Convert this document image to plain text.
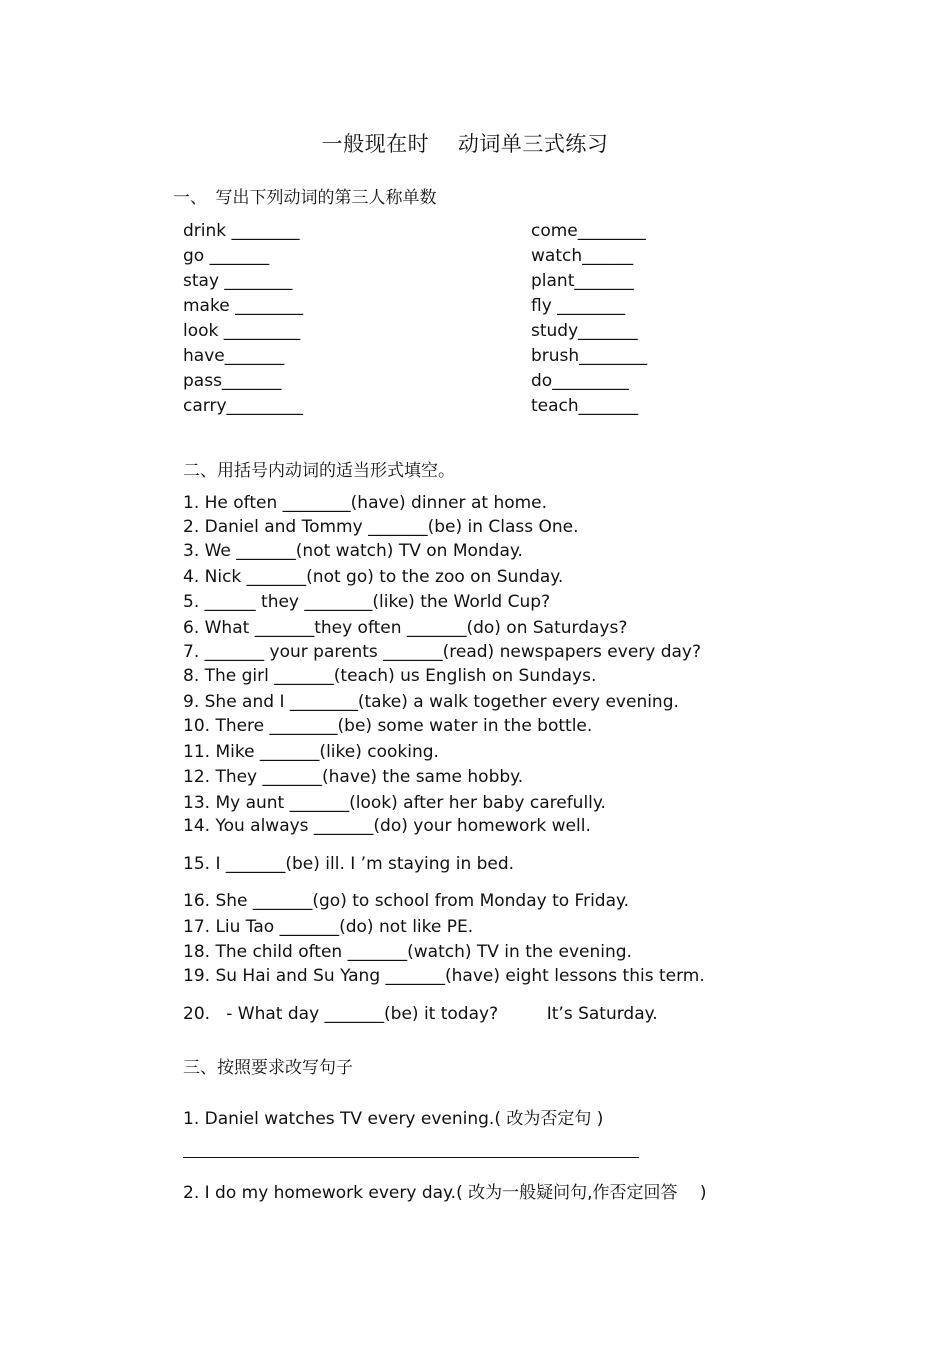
一般现在时　 动词单三式练习
一、　写出下列动词的第三人称单数
drink ________
go _______
stay ________
make ________
look _________
have_______
pass_______
carry_________
come________
watch______
plant_______
fly ________
study_______
brush________
do_________
teach_______
二、用括号内动词的适当形式填空。
1. He often ________(have) dinner at home.
2. Daniel and Tommy _______(be) in Class One.
3. We _______(not watch) TV on Monday.
4. Nick _______(not go) to the zoo on Sunday.
5. ______ they ________(like) the World Cup?
6. What _______they often _______(do) on Saturdays?
7. _______ your parents _______(read) newspapers every day?
8. The girl _______(teach) us English on Sundays.
9. She and I ________(take) a walk together every evening.
10. There ________(be) some water in the bottle.
11. Mike _______(like) cooking.
12. They _______(have) the same hobby.
13. My aunt _______(look) after her baby carefully.
14. You always _______(do) your homework well.
15. I _______(be) ill. I ’m staying in bed.
16. She _______(go) to school from Monday to Friday.
17. Liu Tao _______(do) not like PE.
18. The child often _______(watch) TV in the evening.
19. Su Hai and Su Yang _______(have) eight lessons this term.
20.   - What day _______(be) it today?         It’s Saturday.
三、按照要求改写句子
1. Daniel watches TV every evening.( 改为否定句 )
2. I do my homework every day.( 改为一般疑问句,作否定回答　 )
